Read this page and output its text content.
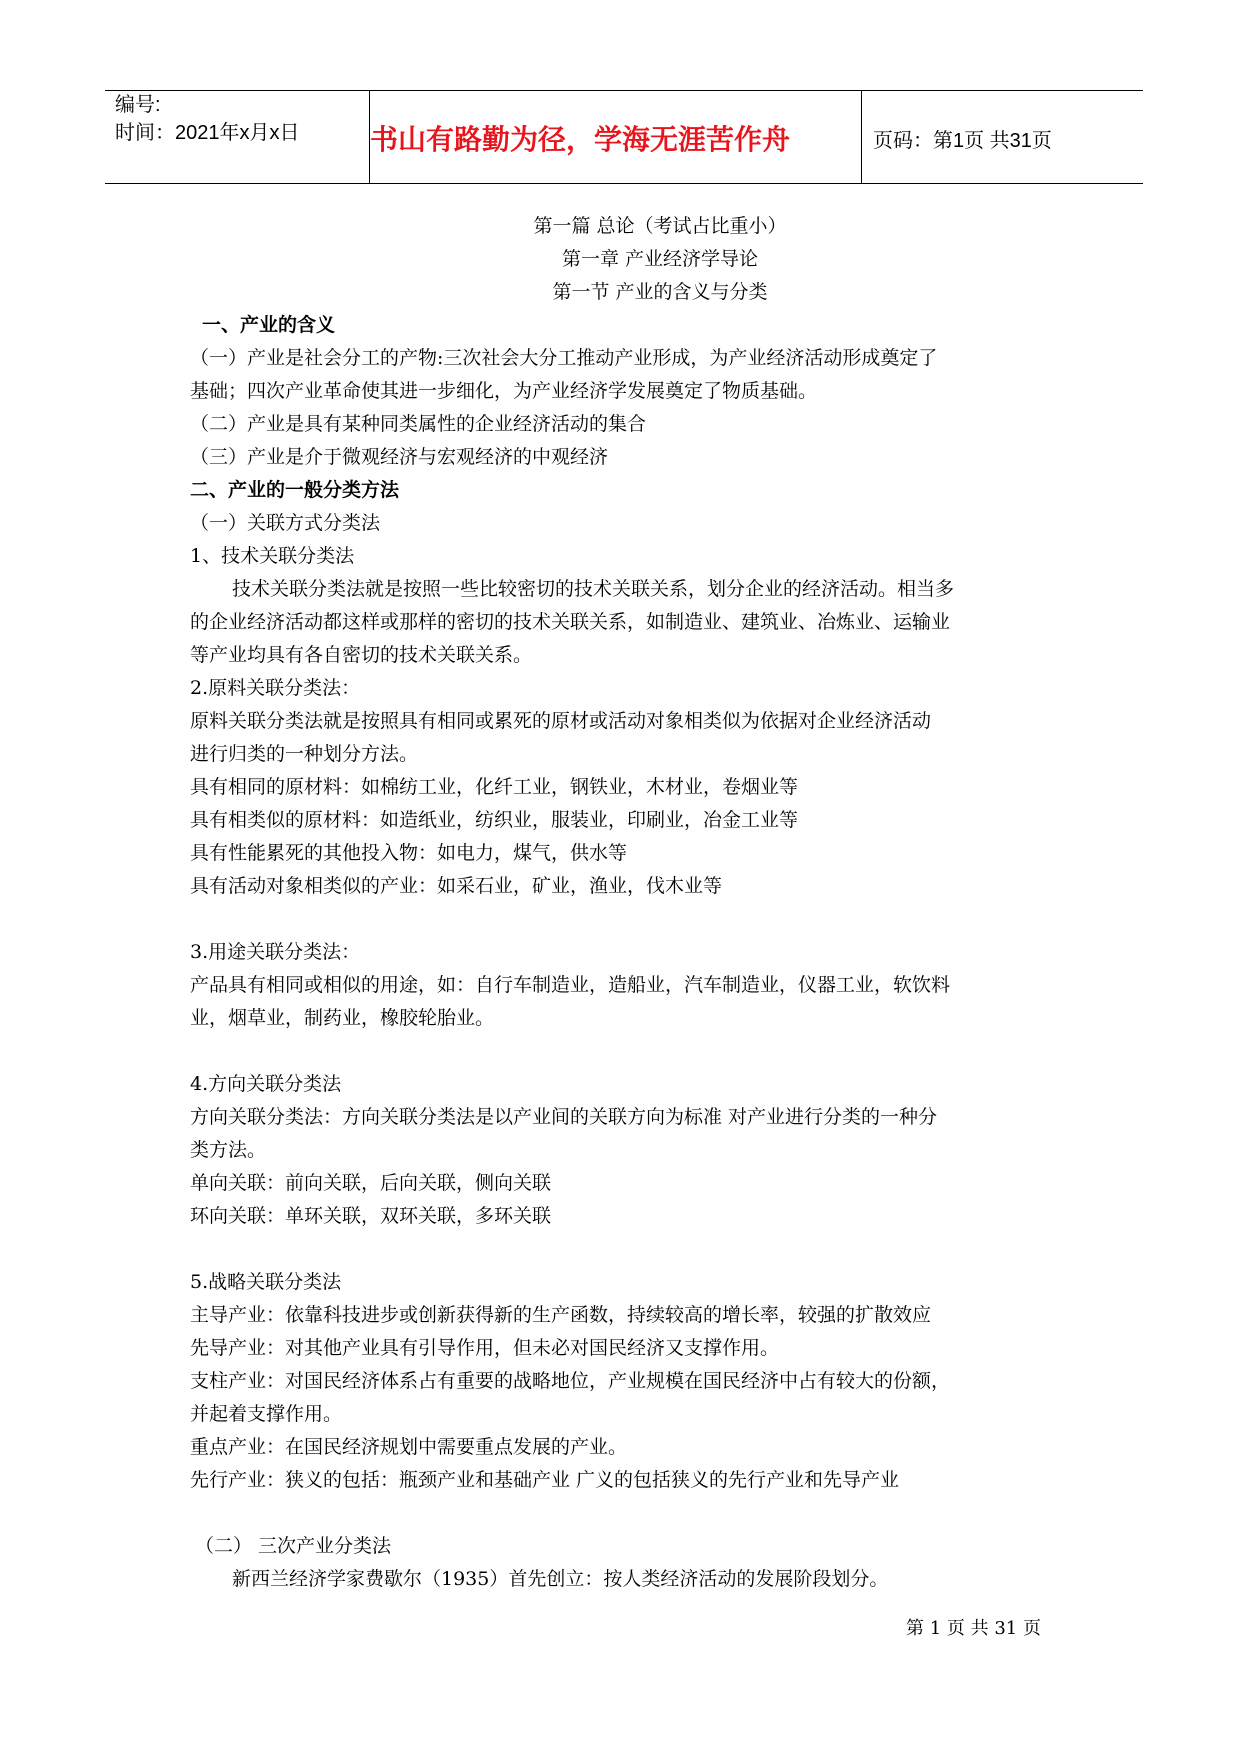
编号:
时间：2021年x月x日	书山有路勤为径，学海无涯苦作舟	页码：第1页 共31页
第一篇 总论（考试占比重小）
第一章 产业经济学导论
第一节 产业的含义与分类
一、产业的含义
（一）产业是社会分工的产物:三次社会大分工推动产业形成，为产业经济活动形成奠定了
基础；四次产业革命使其进一步细化，为产业经济学发展奠定了物质基础。
（二）产业是具有某种同类属性的企业经济活动的集合
（三）产业是介于微观经济与宏观经济的中观经济
二、产业的一般分类方法
（一）关联方式分类法
1、技术关联分类法
技术关联分类法就是按照一些比较密切的技术关联关系，划分企业的经济活动。相当多
的企业经济活动都这样或那样的密切的技术关联关系，如制造业、建筑业、冶炼业、运输业
等产业均具有各自密切的技术关联关系。
2.原料关联分类法：
原料关联分类法就是按照具有相同或累死的原材或活动对象相类似为依据对企业经济活动
进行归类的一种划分方法。
具有相同的原材料：如棉纺工业，化纤工业，钢铁业，木材业，卷烟业等
具有相类似的原材料：如造纸业，纺织业，服装业，印刷业，冶金工业等
具有性能累死的其他投入物：如电力，煤气，供水等
具有活动对象相类似的产业：如采石业，矿业，渔业，伐木业等
3.用途关联分类法：
产品具有相同或相似的用途，如：自行车制造业，造船业，汽车制造业，仪器工业，软饮料
业，烟草业，制药业，橡胶轮胎业。
4.方向关联分类法
方向关联分类法：方向关联分类法是以产业间的关联方向为标准 对产业进行分类的一种分
类方法。
单向关联：前向关联，后向关联，侧向关联
环向关联：单环关联，双环关联，多环关联
5.战略关联分类法
主导产业：依靠科技进步或创新获得新的生产函数，持续较高的增长率，较强的扩散效应
先导产业：对其他产业具有引导作用，但未必对国民经济又支撑作用。
支柱产业：对国民经济体系占有重要的战略地位，产业规模在国民经济中占有较大的份额，
并起着支撑作用。
重点产业：在国民经济规划中需要重点发展的产业。
先行产业：狭义的包括：瓶颈产业和基础产业 广义的包括狭义的先行产业和先导产业
（二） 三次产业分类法
新西兰经济学家费歇尔（1935）首先创立：按人类经济活动的发展阶段划分。
第 1 页 共 31 页
